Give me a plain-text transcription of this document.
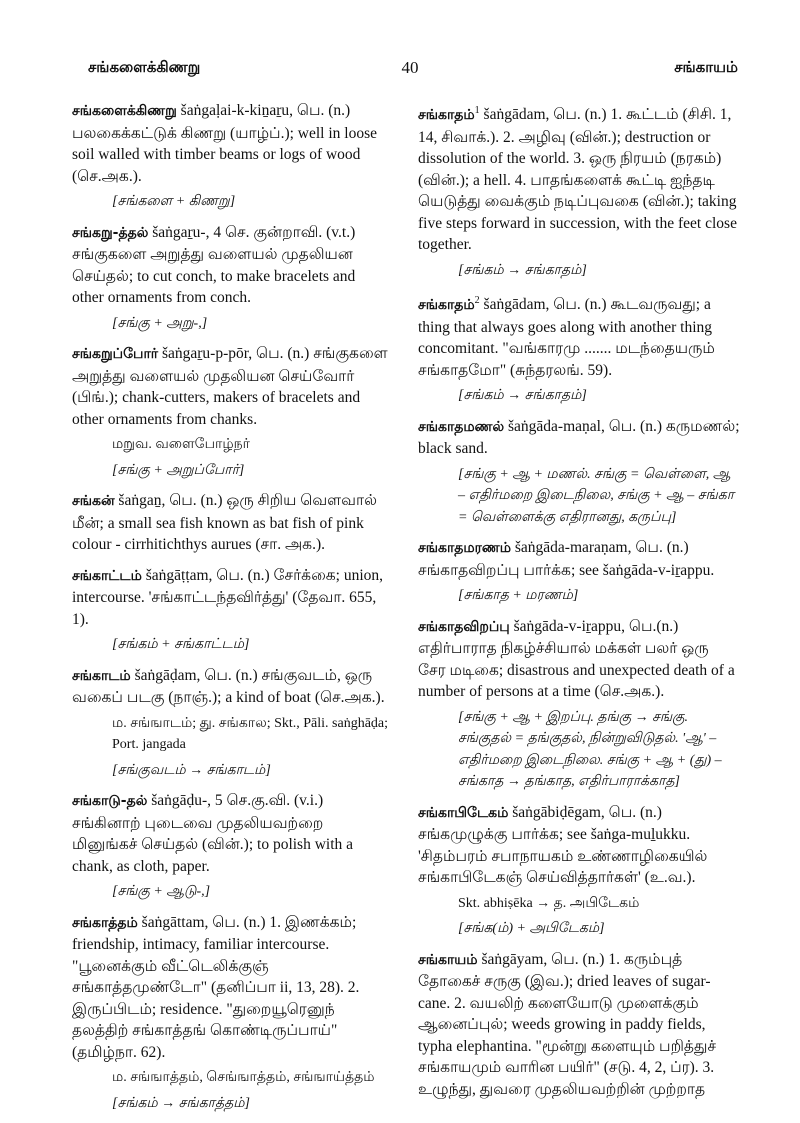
சங்களைக்கிணறு	40	சங்காயம்
சங்களைக்கிணறு šaṅgaḷai-k-kiṉaṟu, பெ. (n.) பலகைக்கட்டுக் கிணறு (யாழ்ப்.); well in loose soil walled with timber beams or logs of wood (செ.அக.).
[சங்களை + கிணறு]
சங்கறு-த்தல் šaṅgaṟu-, 4 செ. குன்றாவி. (v.t.) சங்குகளை அறுத்து வளையல் முதலியன செய்தல்; to cut conch, to make bracelets and other ornaments from conch.
[சங்கு + அறு-,]
சங்கறுப்போர் šaṅgaṟu-p-pōr, பெ. (n.) சங்குகளை அறுத்து வளையல் முதலியன செய்வோர் (பிங்.); chank-cutters, makers of bracelets and other ornaments from chanks.
மறுவ. வளைபோழ்நர்
[சங்கு + அறுப்போர்]
சங்கன் šaṅgaṉ, பெ. (n.) ஒரு சிறிய வெளவால் மீன்; a small sea fish known as bat fish of pink colour - cirrhitichthys aurues (சா. அக.).
சங்காட்டம் šaṅgāṭṭam, பெ. (n.) சேர்க்கை; union, intercourse. 'சங்காட்டந்தவிர்த்து' (தேவா. 655, 1).
[சங்கம் + சங்காட்டம்]
சங்காடம் šaṅgāḍam, பெ. (n.) சங்குவடம், ஒரு வகைப் படகு (நாஞ்.); a kind of boat (செ.அக.).
ம. சங்ஙாடம்; து. சங்கால; Skt., Pāli. saṅghāḍa; Port. jangada
[சங்குவடம் → சங்காடம்]
சங்காடு-தல் šaṅgāḍu-, 5 செ.கு.வி. (v.i.) சங்கினாற் புடைவை முதலியவற்றை மினுங்கச் செய்தல் (வின்.); to polish with a chank, as cloth, paper.
[சங்கு + ஆடு-,]
சங்காத்தம் šaṅgāttam, பெ. (n.) 1. இணக்கம்; friendship, intimacy, familiar intercourse. "பூனைக்கும் வீட்டெலிக்குஞ் சங்காத்தமுண்டோ" (தனிப்பா ii, 13, 28). 2. இருப்பிடம்; residence. "துறையூரெனுந் தலத்திற் சங்காத்தங் கொண்டிருப்பாய்" (தமிழ்நா. 62).
ம. சங்ஙாத்தம், செங்ஙாத்தம், சங்ஙாய்த்தம்
[சங்கம் → சங்காத்தம்]
சங்காதம்$^1$ šaṅgādam, பெ. (n.) 1. கூட்டம் (சிசி. 1, 14, சிவாக்.). 2. அழிவு (வின்.); destruction or dissolution of the world. 3. ஒரு நிரயம் (நரகம்) (வின்.); a hell. 4. பாதங்களைக் கூட்டி ஐந்தடி யெடுத்து வைக்கும் நடிப்புவகை (வின்.); taking five steps forward in succession, with the feet close together.
[சங்கம் → சங்காதம்]
சங்காதம்$^2$ šaṅgādam, பெ. (n.) கூடவருவது; a thing that always goes along with another thing concomitant. "வங்காரமு ....... மடந்தையரும் சங்காதமோ" (சுந்தரலங். 59).
[சங்கம் → சங்காதம்]
சங்காதமணல் šaṅgāda-maṇal, பெ. (n.) கருமணல்; black sand.
[சங்கு + ஆ + மணல். சங்கு = வெள்ளை, ஆ – எதிர்மறை இடைநிலை, சங்கு + ஆ – சங்கா = வெள்ளைக்கு எதிரானது, கருப்பு]
சங்காதமரணம் šaṅgāda-maraṇam, பெ. (n.) சங்காதவிறப்பு பார்க்க; see šaṅgāda-v-iṟappu.
[சங்காத + மரணம்]
சங்காதவிறப்பு šaṅgāda-v-iṟappu, பெ.(n.) எதிர்பாராத நிகழ்ச்சியால் மக்கள் பலர் ஒரு சேர மடிகை; disastrous and unexpected death of a number of persons at a time (செ.அக.).
[சங்கு + ஆ + இறப்பு. தங்கு → சங்கு. சங்குதல் = தங்குதல், நின்றுவிடுதல். 'ஆ' – எதிர்மறை இடைநிலை. சங்கு + ஆ + (து) – சங்காத → தங்காத, எதிர்பாராக்காத]
சங்காபிடேகம் šaṅgābiḍēgam, பெ. (n.) சங்கமுழுக்கு பார்க்க; see šaṅga-muḻukku. 'சிதம்பரம் சபாநாயகம் உண்ணாழிகையில் சங்காபிடேகஞ் செய்வித்தார்கள்' (உ.வ.).
Skt. abhiṣēka → த. அபிடேகம்
[சங்க(ம்) + அபிடேகம்]
சங்காயம் šaṅgāyam, பெ. (n.) 1. கரும்புத் தோகைச் சருகு (இவ.); dried leaves of sugar-cane. 2. வயலிற் களையோடு முளைக்கும் ஆனைப்புல்; weeds growing in paddy fields, typha elephantina. "மூன்று களையும் பறித்துச் சங்காயமும் வாரின பயிர்" (சடு. 4, 2, ப்ர). 3. உழுந்து, துவரை முதலியவற்றின் முற்றாத
